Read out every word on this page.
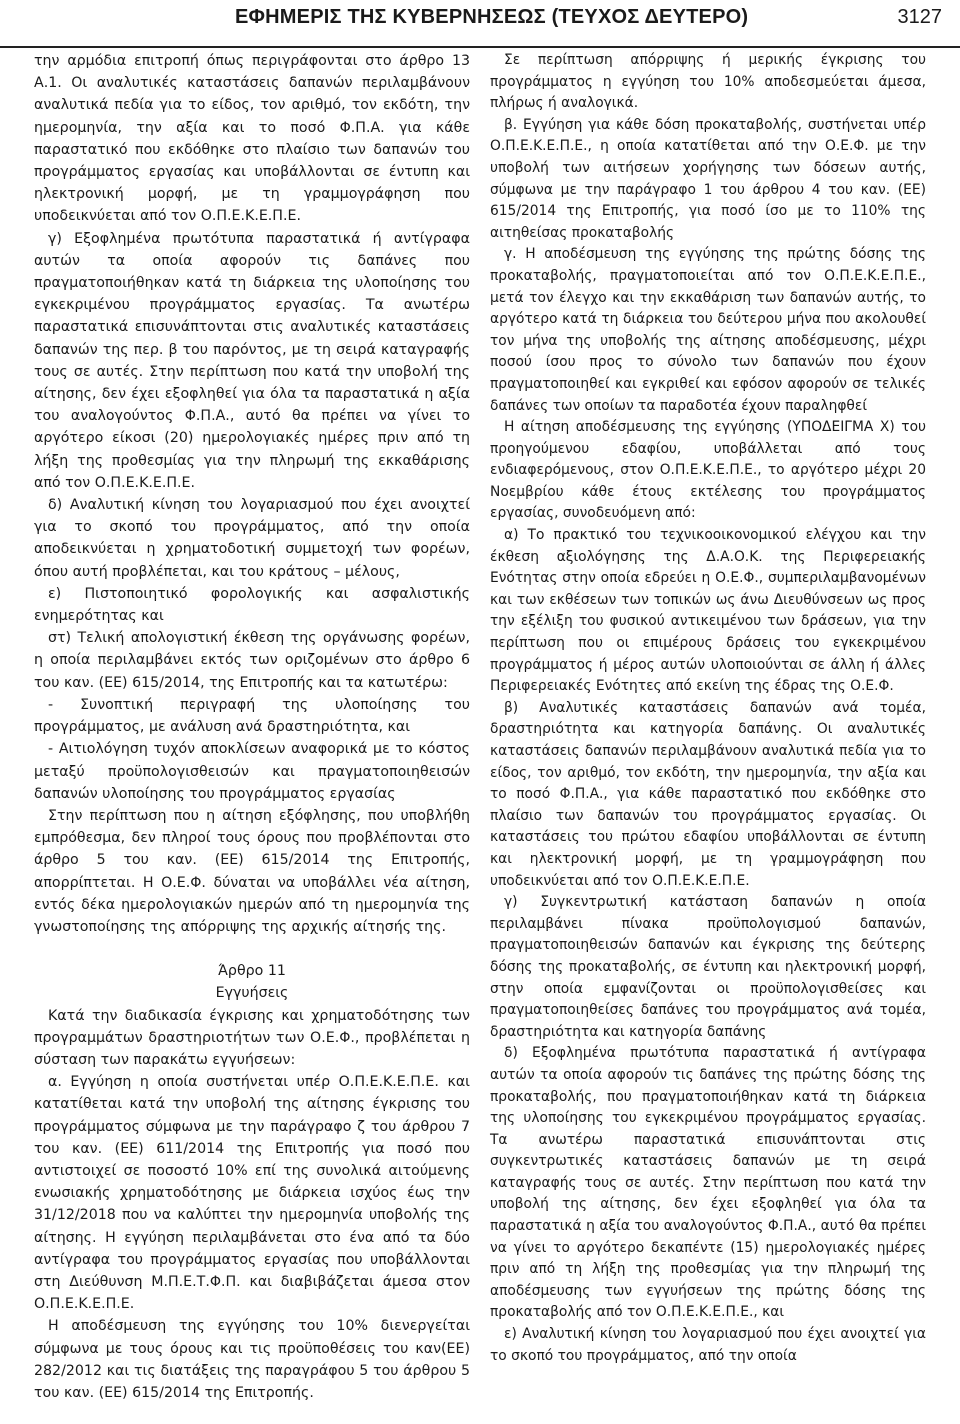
ΕΦΗΜΕΡΙΣ ΤΗΣ ΚΥΒΕΡΝΗΣΕΩΣ (ΤΕΥΧΟΣ ΔΕΥΤΕΡΟ)	3127

την αρμόδια επιτροπή όπως περιγράφονται στο άρθρο 13 Α.1. Οι αναλυτικές καταστάσεις δαπανών περιλαμβάνουν αναλυτικά πεδία για το είδος, τον αριθμό, τον εκδότη, την ημερομηνία, την αξία και το ποσό Φ.Π.Α. για κάθε παραστατικό που εκδόθηκε στο πλαίσιο των δαπανών του προγράμματος εργασίας και υποβάλλονται σε έντυπη και ηλεκτρονική μορφή, με τη γραμμογράφηση που υποδεικνύεται από τον Ο.Π.Ε.Κ.Ε.Π.Ε.

γ) Εξοφλημένα πρωτότυπα παραστατικά ή αντίγραφα αυτών τα οποία αφορούν τις δαπάνες που πραγματοποιήθηκαν κατά τη διάρκεια της υλοποίησης του εγκεκριμένου προγράμματος εργασίας. Τα ανωτέρω παραστατικά επισυνάπτονται στις αναλυτικές καταστάσεις δαπανών της περ. β του παρόντος, με τη σειρά καταγραφής τους σε αυτές. Στην περίπτωση που κατά την υποβολή της αίτησης, δεν έχει εξοφληθεί για όλα τα παραστατικά η αξία του αναλογούντος Φ.Π.Α., αυτό θα πρέπει να γίνει το αργότερο είκοσι (20) ημερολογιακές ημέρες πριν από τη λήξη της προθεσμίας για την πληρωμή της εκκαθάρισης από τον Ο.Π.Ε.Κ.Ε.Π.Ε.

δ) Αναλυτική κίνηση του λογαριασμού που έχει ανοιχτεί για το σκοπό του προγράμματος, από την οποία αποδεικνύεται η χρηματοδοτική συμμετοχή των φορέων, όπου αυτή προβλέπεται, και του κράτους – μέλους,

ε) Πιστοποιητικό φορολογικής και ασφαλιστικής ενημερότητας και

στ) Τελική απολογιστική έκθεση της οργάνωσης φορέων, η οποία περιλαμβάνει εκτός των οριζομένων στο άρθρο 6 του καν. (ΕΕ) 615/2014, της Επιτροπής και τα κατωτέρω:

- Συνοπτική περιγραφή της υλοποίησης του προγράμματος, με ανάλυση ανά δραστηριότητα, και

- Αιτιολόγηση τυχόν αποκλίσεων αναφορικά με το κόστος μεταξύ προϋπολογισθεισών και πραγματοποιηθεισών δαπανών υλοποίησης του προγράμματος εργασίας

Στην περίπτωση που η αίτηση εξόφλησης, που υποβλήθη εμπρόθεσμα, δεν πληροί τους όρους που προβλέπονται στο άρθρο 5 του καν. (ΕΕ) 615/2014 της Επιτροπής, απορρίπτεται. Η Ο.Ε.Φ. δύναται να υποβάλλει νέα αίτηση, εντός δέκα ημερολογιακών ημερών από τη ημερομηνία της γνωστοποίησης της απόρριψης της αρχικής αίτησής της.

Άρθρο 11

Εγγυήσεις

Κατά την διαδικασία έγκρισης και χρηματοδότησης των προγραμμάτων δραστηριοτήτων των Ο.Ε.Φ., προβλέπεται η σύσταση των παρακάτω εγγυήσεων:

α. Εγγύηση η οποία συστήνεται υπέρ Ο.Π.Ε.Κ.Ε.Π.Ε. και κατατίθεται κατά την υποβολή της αίτησης έγκρισης του προγράμματος σύμφωνα με την παράγραφο ζ του άρθρου 7 του καν. (ΕΕ) 611/2014 της Επιτροπής για ποσό που αντιστοιχεί σε ποσοστό 10% επί της συνολικά αιτούμενης ενωσιακής χρηματοδότησης με διάρκεια ισχύος έως την 31/12/2018 που να καλύπτει την ημερομηνία υποβολής της αίτησης. Η εγγύηση περιλαμβάνεται στο ένα από τα δύο αντίγραφα του προγράμματος εργασίας που υποβάλλονται στη Διεύθυνση Μ.Π.Ε.Τ.Φ.Π. και διαβιβάζεται άμεσα στον Ο.Π.Ε.Κ.Ε.Π.Ε.

Η αποδέσμευση της εγγύησης του 10% διενεργείται σύμφωνα με τους όρους και τις προϋποθέσεις του καν(ΕΕ) 282/2012 και τις διατάξεις της παραγράφου 5 του άρθρου 5 του καν. (ΕΕ) 615/2014 της Επιτροπής.

Σε περίπτωση απόρριψης ή μερικής έγκρισης του προγράμματος η εγγύηση του 10% αποδεσμεύεται άμεσα, πλήρως ή αναλογικά.

β. Εγγύηση για κάθε δόση προκαταβολής, συστήνεται υπέρ Ο.Π.Ε.Κ.Ε.Π.Ε., η οποία κατατίθεται από την Ο.Ε.Φ. με την υποβολή των αιτήσεων χορήγησης των δόσεων αυτής, σύμφωνα με την παράγραφο 1 του άρθρου 4 του καν. (ΕΕ) 615/2014 της Επιτροπής, για ποσό ίσο με το 110% της αιτηθείσας προκαταβολής

γ. Η αποδέσμευση της εγγύησης της πρώτης δόσης της προκαταβολής, πραγματοποιείται από τον Ο.Π.Ε.Κ.Ε.Π.Ε., μετά τον έλεγχο και την εκκαθάριση των δαπανών αυτής, το αργότερο κατά τη διάρκεια του δεύτερου μήνα που ακολουθεί τον μήνα της υποβολής της αίτησης αποδέσμευσης, μέχρι ποσού ίσου προς το σύνολο των δαπανών που έχουν πραγματοποιηθεί και εγκριθεί και εφόσον αφορούν σε τελικές δαπάνες των οποίων τα παραδοτέα έχουν παραληφθεί

Η αίτηση αποδέσμευσης της εγγύησης (ΥΠΟΔΕΙΓΜΑ Χ) του προηγούμενου εδαφίου, υποβάλλεται από τους ενδιαφερόμενους, στον Ο.Π.Ε.Κ.Ε.Π.Ε., το αργότερο μέχρι 20 Νοεμβρίου κάθε έτους εκτέλεσης του προγράμματος εργασίας, συνοδευόμενη από:

α) Το πρακτικό του τεχνικοοικονομικού ελέγχου και την έκθεση αξιολόγησης της Δ.Α.Ο.Κ. της Περιφερειακής Ενότητας στην οποία εδρεύει η Ο.Ε.Φ., συμπεριλαμβανομένων και των εκθέσεων των τοπικών ως άνω Διευθύνσεων ως προς την εξέλιξη του φυσικού αντικειμένου των δράσεων, για την περίπτωση που οι επιμέρους δράσεις του εγκεκριμένου προγράμματος ή μέρος αυτών υλοποιούνται σε άλλη ή άλλες Περιφερειακές Ενότητες από εκείνη της έδρας της Ο.Ε.Φ.

β) Αναλυτικές καταστάσεις δαπανών ανά τομέα, δραστηριότητα και κατηγορία δαπάνης. Οι αναλυτικές καταστάσεις δαπανών περιλαμβάνουν αναλυτικά πεδία για το είδος, τον αριθμό, τον εκδότη, την ημερομηνία, την αξία και το ποσό Φ.Π.Α., για κάθε παραστατικό που εκδόθηκε στο πλαίσιο των δαπανών του προγράμματος εργασίας. Οι καταστάσεις του πρώτου εδαφίου υποβάλλονται σε έντυπη και ηλεκτρονική μορφή, με τη γραμμογράφηση που υποδεικνύεται από τον Ο.Π.Ε.Κ.Ε.Π.Ε.

γ) Συγκεντρωτική κατάσταση δαπανών η οποία περιλαμβάνει πίνακα προϋπολογισμού δαπανών, πραγματοποιηθεισών δαπανών και έγκρισης της δεύτερης δόσης της προκαταβολής, σε έντυπη και ηλεκτρονική μορφή, στην οποία εμφανίζονται οι προϋπολογισθείσες και πραγματοποιηθείσες δαπάνες του προγράμματος ανά τομέα, δραστηριότητα και κατηγορία δαπάνης

δ) Εξοφλημένα πρωτότυπα παραστατικά ή αντίγραφα αυτών τα οποία αφορούν τις δαπάνες της πρώτης δόσης της προκαταβολής, που πραγματοποιήθηκαν κατά τη διάρκεια της υλοποίησης του εγκεκριμένου προγράμματος εργασίας. Τα ανωτέρω παραστατικά επισυνάπτονται στις συγκεντρωτικές καταστάσεις δαπανών με τη σειρά καταγραφής τους σε αυτές. Στην περίπτωση που κατά την υποβολή της αίτησης, δεν έχει εξοφληθεί για όλα τα παραστατικά η αξία του αναλογούντος Φ.Π.Α., αυτό θα πρέπει να γίνει το αργότερο δεκαπέντε (15) ημερολογιακές ημέρες πριν από τη λήξη της προθεσμίας για την πληρωμή της αποδέσμευσης των εγγυήσεων της πρώτης δόσης της προκαταβολής από τον Ο.Π.Ε.Κ.Ε.Π.Ε., και

ε) Αναλυτική κίνηση του λογαριασμού που έχει ανοιχτεί για το σκοπό του προγράμματος, από την οποία
